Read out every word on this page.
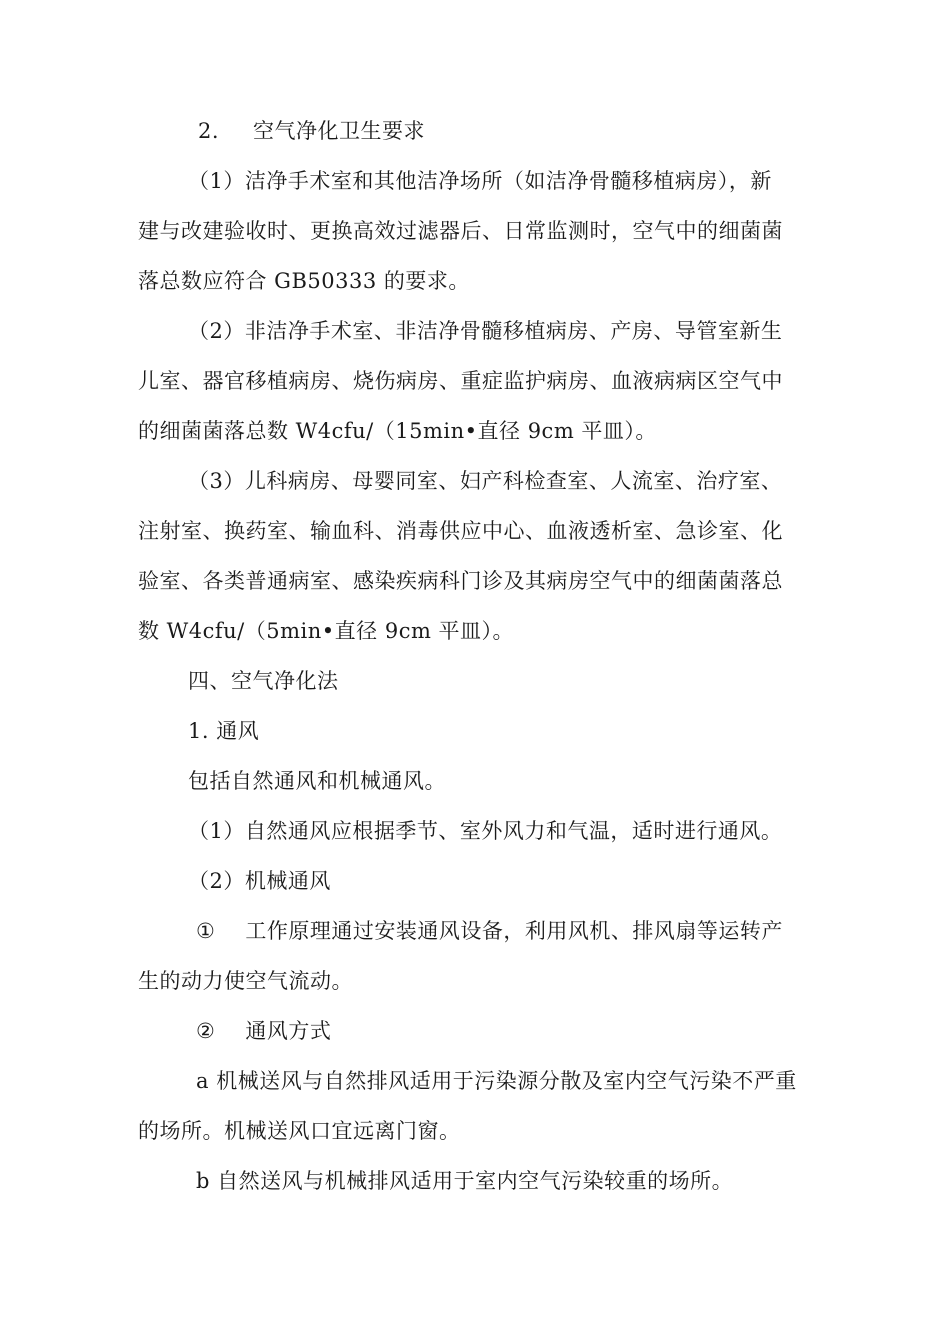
2. 空气净化卫生要求
（1）洁净手术室和其他洁净场所（如洁净骨髓移植病房），新
建与改建验收时、更换高效过滤器后、日常监测时，空气中的细菌菌
落总数应符合 GB50333 的要求。
（2）非洁净手术室、非洁净骨髓移植病房、产房、导管室新生
儿室、器官移植病房、烧伤病房、重症监护病房、血液病病区空气中
的细菌菌落总数 W4cfu/（15min•直径 9cm 平皿）。
（3）儿科病房、母婴同室、妇产科检查室、人流室、治疗室、
注射室、换药室、输血科、消毒供应中心、血液透析室、急诊室、化
验室、各类普通病室、感染疾病科门诊及其病房空气中的细菌菌落总
数 W4cfu/（5min•直径 9cm 平皿）。
四、空气净化法
1. 通风
包括自然通风和机械通风。
（1）自然通风应根据季节、室外风力和气温，适时进行通风。
（2）机械通风
① 工作原理通过安装通风设备，利用风机、排风扇等运转产
生的动力使空气流动。
② 通风方式
a 机械送风与自然排风适用于污染源分散及室内空气污染不严重
的场所。机械送风口宜远离门窗。
b 自然送风与机械排风适用于室内空气污染较重的场所。
